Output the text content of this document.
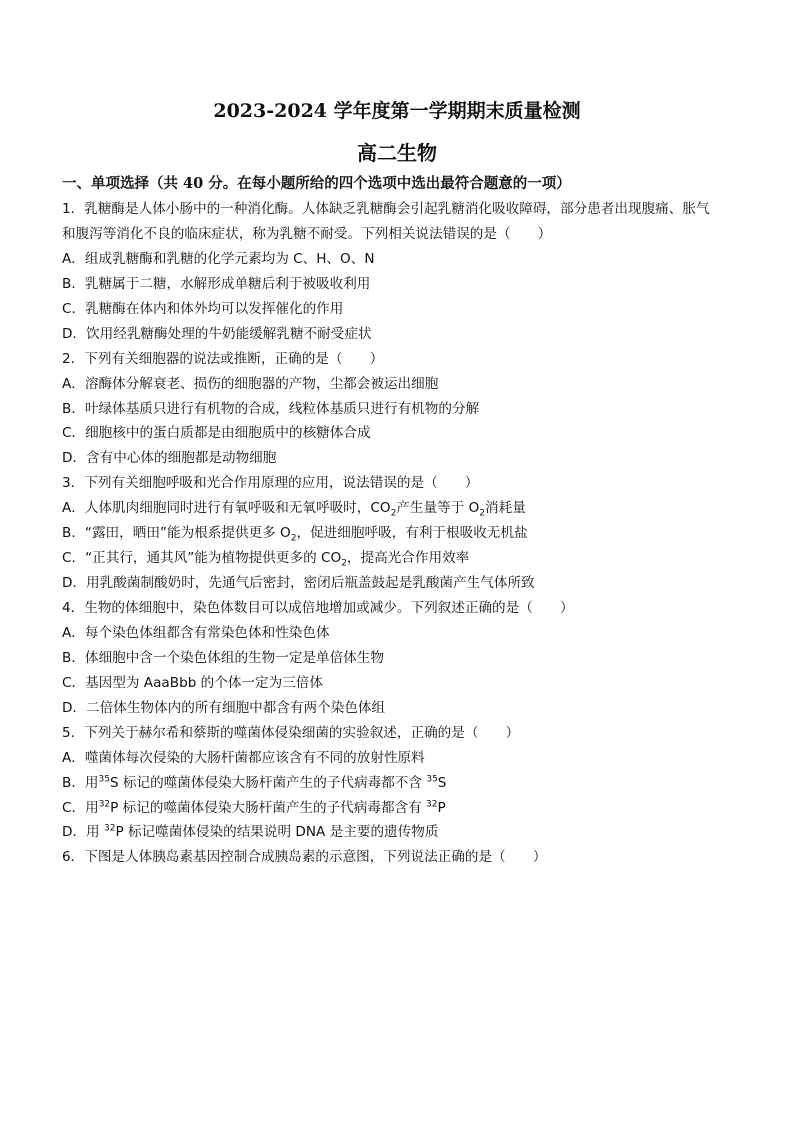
2023-2024 学年度第一学期期末质量检测
高二生物
一、单项选择（共 40 分。在每小题所给的四个选项中选出最符合题意的一项）
1．乳糖酶是人体小肠中的一种消化酶。人体缺乏乳糖酶会引起乳糖消化吸收障碍，部分患者出现腹痛、胀气
和腹泻等消化不良的临床症状，称为乳糖不耐受。下列相关说法错误的是（　　）
A．组成乳糖酶和乳糖的化学元素均为 C、H、O、N
B．乳糖属于二糖，水解形成单糖后利于被吸收利用
C．乳糖酶在体内和体外均可以发挥催化的作用
D．饮用经乳糖酶处理的牛奶能缓解乳糖不耐受症状
2．下列有关细胞器的说法或推断，正确的是（　　）
A．溶酶体分解衰老、损伤的细胞器的产物，尘都会被运出细胞
B．叶绿体基质只进行有机物的合成，线粒体基质只进行有机物的分解
C．细胞核中的蛋白质都是由细胞质中的核糖体合成
D．含有中心体的细胞都是动物细胞
3．下列有关细胞呼吸和光合作用原理的应用，说法错误的是（　　）
A．人体肌肉细胞同时进行有氧呼吸和无氧呼吸时，$CO_2$产生量等于 $O_2$消耗量
B．“露田，晒田”能为根系提供更多 $O_2$，促进细胞呼吸，有利于根吸收无机盐
C．“正其行，通其风”能为植物提供更多的 $CO_2$，提高光合作用效率
D．用乳酸菌制酸奶时，先通气后密封，密闭后瓶盖鼓起是乳酸菌产生气体所致
4．生物的体细胞中，染色体数目可以成倍地增加或减少。下列叙述正确的是（　　）
A．每个染色体组都含有常染色体和性染色体
B．体细胞中含一个染色体组的生物一定是单倍体生物
C．基因型为 AaaBbb 的个体一定为三倍体
D．二倍体生物体内的所有细胞中都含有两个染色体组
5．下列关于赫尔希和蔡斯的噬菌体侵染细菌的实验叙述，正确的是（　　）
A．噬菌体每次侵染的大肠杆菌都应该含有不同的放射性原料
B．用$^{35}$S 标记的噬菌体侵染大肠杆菌产生的子代病毒都不含 $^{35}$S
C．用$^{32}$P 标记的噬菌体侵染大肠杆菌产生的子代病毒都含有 $^{32}$P
D．用 $^{32}$P 标记噬菌体侵染的结果说明 DNA 是主要的遗传物质
6．下图是人体胰岛素基因控制合成胰岛素的示意图，下列说法正确的是（　　）
